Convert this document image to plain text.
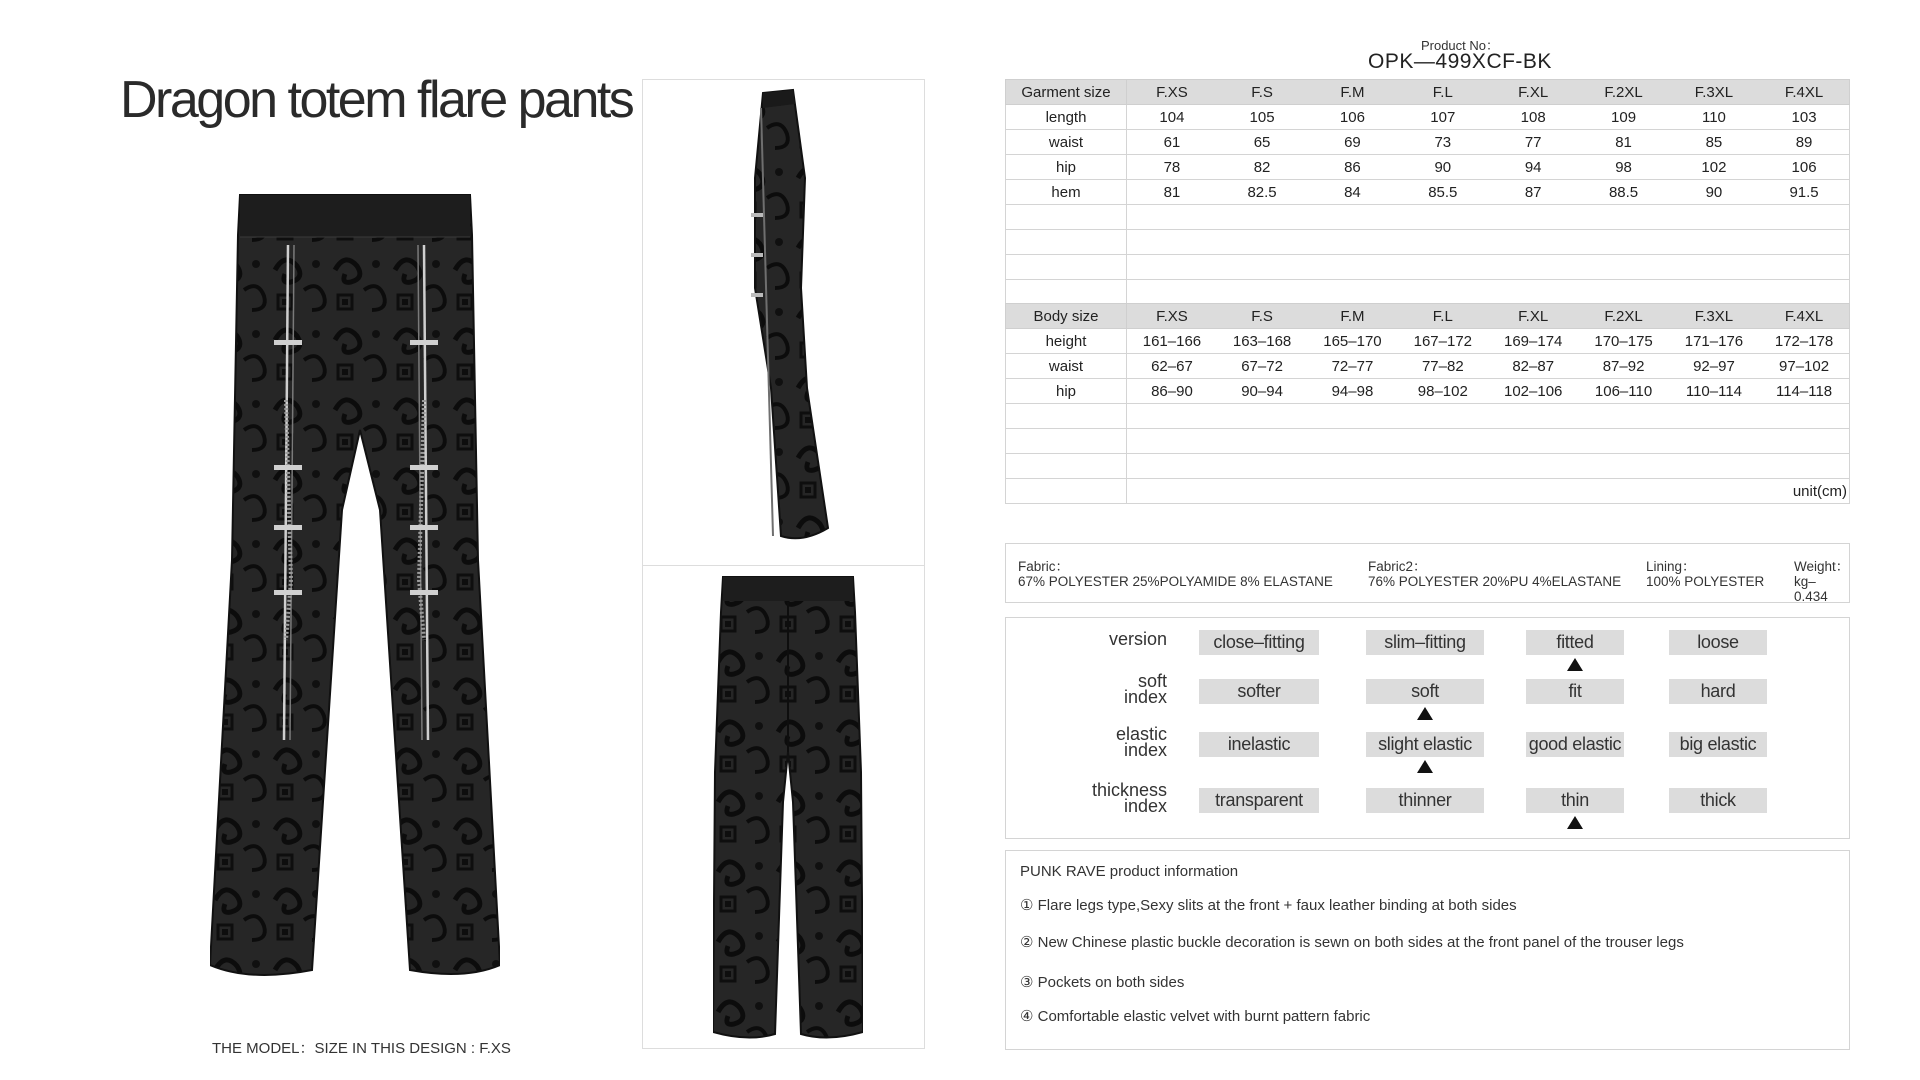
Dragon totem flare pants
THE MODEL：SIZE IN THIS DESIGN : F.XS
Product No：
OPK—499XCF-BK
Garment size	F.XS	F.S	F.M	F.L	F.XL	F.2XL	F.3XL	F.4XL
length	104	105	106	107	108	109	110	103
waist	61	65	69	73	77	81	85	89
hip	78	82	86	90	94	98	102	106
hem	81	82.5	84	85.5	87	88.5	90	91.5

Body size	F.XS	F.S	F.M	F.L	F.XL	F.2XL	F.3XL	F.4XL
height	161–166	163–168	165–170	167–172	169–174	170–175	171–176	172–178
waist	62–67	67–72	72–77	77–82	82–87	87–92	92–97	97–102
hip	86–90	90–94	94–98	98–102	102–106	106–110	110–114	114–118

	unit(cm)							
Fabric：
67% POLYESTER 25%POLYAMIDE 8% ELASTANE
Fabric2：
76% POLYESTER 20%PU 4%ELASTANE
Lining：
100% POLYESTER
Weight：
kg–0.434
version	close–fitting	slim–fitting	fitted	loose
soft
index	softer	soft	fit	hard
elastic
index	inelastic	slight elastic	good elastic	big elastic
thickness
index	transparent	thinner	thin	thick
PUNK RAVE product information
① Flare legs type,Sexy slits at the front + faux leather binding at both sides
② New Chinese plastic buckle decoration is sewn on both sides at the front panel of the trouser legs
③ Pockets on both sides
④ Comfortable elastic velvet with burnt pattern fabric
